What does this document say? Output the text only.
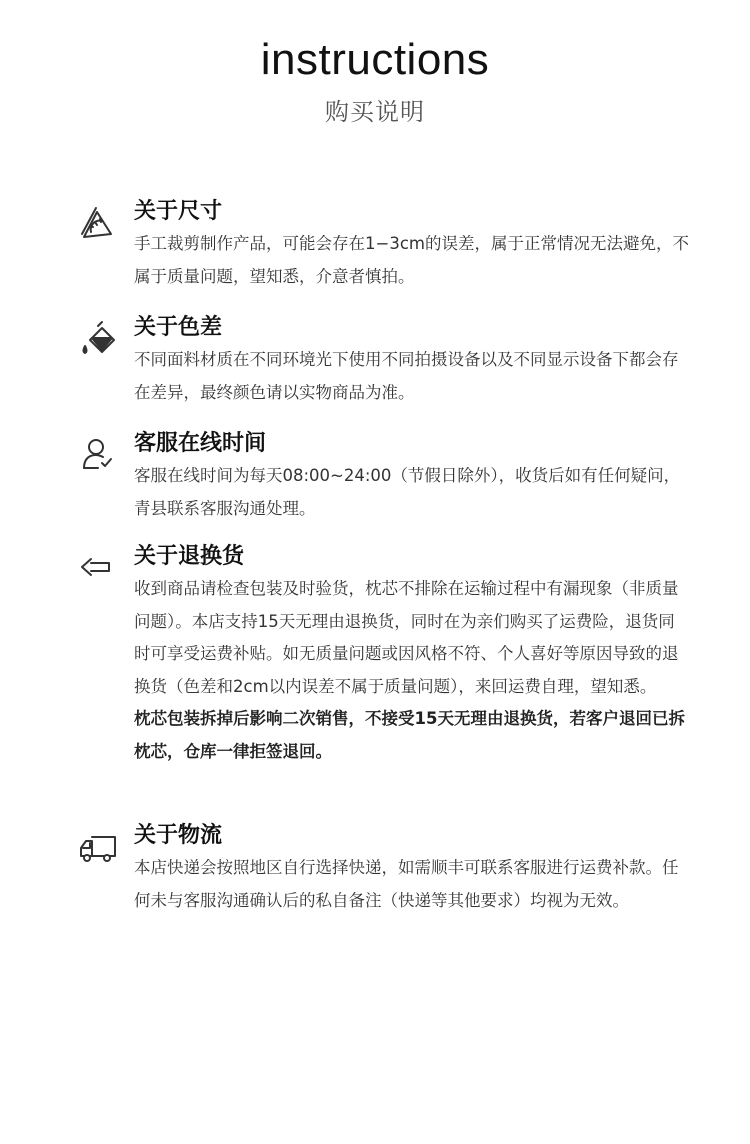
instructions
购买说明

关于尺寸

手工裁剪制作产品，可能会存在1−3cm的误差，属于正常情况无法避免，不属于质量问题，望知悉，介意者慎拍。

关于色差

不同面料材质在不同环境光下使用不同拍摄设备以及不同显示设备下都会存在差异，最终颜色请以实物商品为准。

客服在线时间

客服在线时间为每天08:00~24:00（节假日除外），收货后如有任何疑问，青县联系客服沟通处理。

关于退换货

收到商品请检查包装及时验货，枕芯不排除在运输过程中有漏现象（非质量问题）。本店支持15天无理由退换货，同时在为亲们购买了运费险，退货同时可享受运费补贴。如无质量问题或因风格不符、个人喜好等原因导致的退换货（色差和2cm以内误差不属于质量问题），来回运费自理，望知悉。

枕芯包装拆掉后影响二次销售，不接受15天无理由退换货，若客户退回已拆枕芯，仓库一律拒签退回。

关于物流

本店快递会按照地区自行选择快递，如需顺丰可联系客服进行运费补款。任何未与客服沟通确认后的私自备注（快递等其他要求）均视为无效。
